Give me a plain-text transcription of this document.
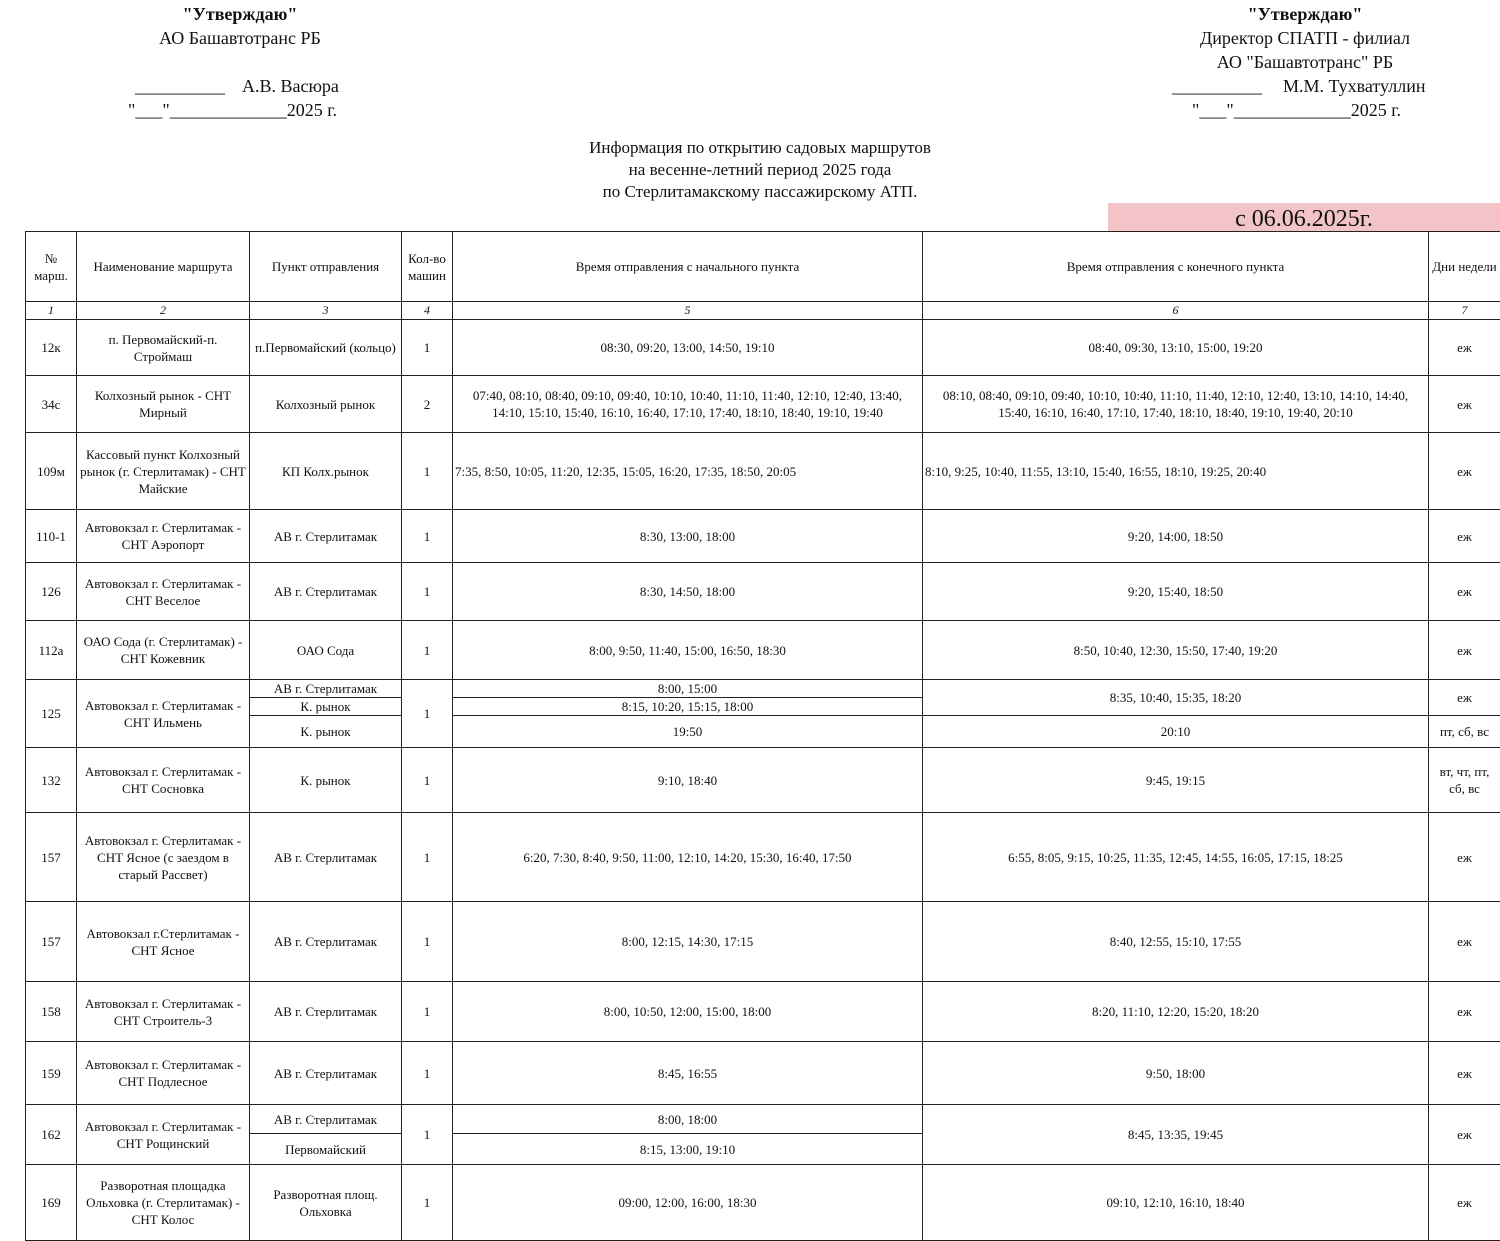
"Утверждаю"
АО Башавтотранс РБ
__________ А.В. Васюра
"___"_____________2025 г.
"Утверждаю"
Директор СПАТП - филиал
АО "Башавтотранс" РБ
__________ М.М. Тухватуллин
"___"_____________2025 г.
Информация по открытию садовых маршрутов
на весенне-летний период 2025 года
по Стерлитамакскому пассажирскому АТП.
с 06.06.2025г.
№ марш.	Наименование маршрута	Пункт отправления	Кол-во машин	Время отправления с начального пункта	Время отправления с конечного пункта	Дни недели
1	2	3	4	5	6	7
12к	п. Первомайский-п. Строймаш	п.Первомайский (кольцо)	1	08:30, 09:20, 13:00, 14:50, 19:10	08:40, 09:30, 13:10, 15:00, 19:20	еж
34с	Колхозный рынок - СНТ Мирный	Колхозный рынок	2	07:40, 08:10, 08:40, 09:10, 09:40, 10:10, 10:40, 11:10, 11:40, 12:10, 12:40, 13:40, 14:10, 15:10, 15:40, 16:10, 16:40, 17:10, 17:40, 18:10, 18:40, 19:10, 19:40	08:10, 08:40, 09:10, 09:40, 10:10, 10:40, 11:10, 11:40, 12:10, 12:40, 13:10, 14:10, 14:40, 15:40, 16:10, 16:40, 17:10, 17:40, 18:10, 18:40, 19:10, 19:40, 20:10	еж
109м	Кассовый пункт Колхозный рынок (г. Стерлитамак) - СНТ Майские	КП Колх.рынок	1	7:35, 8:50, 10:05, 11:20, 12:35, 15:05, 16:20, 17:35, 18:50, 20:05	8:10, 9:25, 10:40, 11:55, 13:10, 15:40, 16:55, 18:10, 19:25, 20:40	еж
110-1	Автовокзал г. Стерлитамак - СНТ Аэропорт	АВ г. Стерлитамак	1	8:30, 13:00, 18:00	9:20, 14:00, 18:50	еж
126	Автовокзал г. Стерлитамак - СНТ Веселое	АВ г. Стерлитамак	1	8:30, 14:50, 18:00	9:20, 15:40, 18:50	еж
112а	ОАО Сода (г. Стерлитамак) - СНТ Кожевник	ОАО Сода	1	8:00, 9:50, 11:40, 15:00, 16:50, 18:30	8:50, 10:40, 12:30, 15:50, 17:40, 19:20	еж
125	Автовокзал г. Стерлитамак - СНТ Ильмень	АВ г. Стерлитамак	1	8:00, 15:00	8:35, 10:40, 15:35, 18:20	еж
		К. рынок		8:15, 10:20, 15:15, 18:00		
		К. рынок		19:50	20:10	пт, сб, вс
132	Автовокзал г. Стерлитамак - СНТ Сосновка	К. рынок	1	9:10, 18:40	9:45, 19:15	вт, чт, пт, сб, вс
157	Автовокзал г. Стерлитамак - СНТ Ясное (с заездом в старый Рассвет)	АВ г. Стерлитамак	1	6:20, 7:30, 8:40, 9:50, 11:00, 12:10, 14:20, 15:30, 16:40, 17:50	6:55, 8:05, 9:15, 10:25, 11:35, 12:45, 14:55, 16:05, 17:15, 18:25	еж
157	Автовокзал г.Стерлитамак - СНТ Ясное	АВ г. Стерлитамак	1	8:00, 12:15, 14:30, 17:15	8:40, 12:55, 15:10, 17:55	еж
158	Автовокзал г. Стерлитамак - СНТ Строитель-3	АВ г. Стерлитамак	1	8:00, 10:50, 12:00, 15:00, 18:00	8:20, 11:10, 12:20, 15:20, 18:20	еж
159	Автовокзал г. Стерлитамак - СНТ Подлесное	АВ г. Стерлитамак	1	8:45, 16:55	9:50, 18:00	еж
162	Автовокзал г. Стерлитамак - СНТ Рощинский	АВ г. Стерлитамак	1	8:00, 18:00	8:45, 13:35, 19:45	еж
		Первомайский		8:15, 13:00, 19:10		
169	Разворотная площадка Ольховка (г. Стерлитамак) - СНТ Колос	Разворотная площ. Ольховка	1	09:00, 12:00, 16:00, 18:30	09:10, 12:10, 16:10, 18:40	еж
